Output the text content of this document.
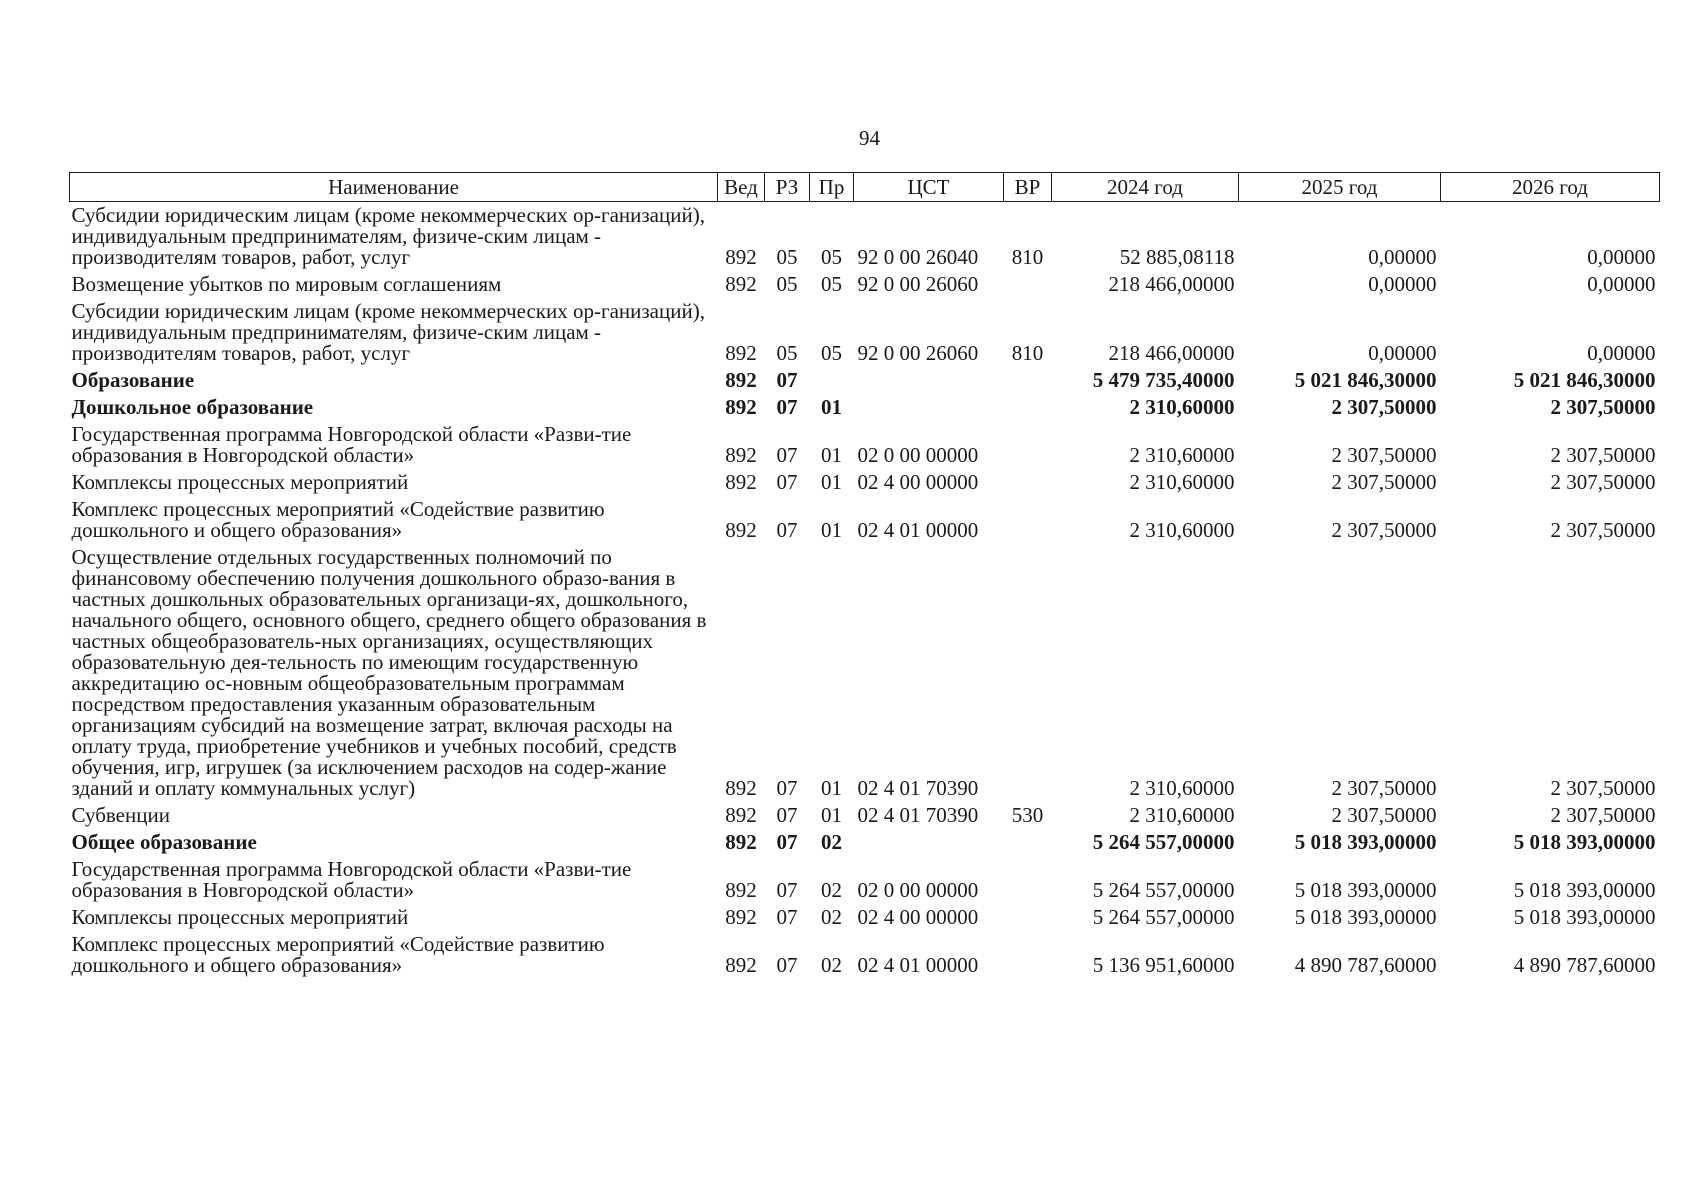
94
Наименование	Вед	РЗ	Пр	ЦСТ	ВР	2024 год	2025 год	2026 год
Субсидии юридическим лицам (кроме некоммерческих ор-ганизаций), индивидуальным предпринимателям, физиче-ским лицам - производителям товаров, работ, услуг	892	05	05	92 0 00 26040	810	52 885,08118	0,00000	0,00000
Возмещение убытков по мировым соглашениям	892	05	05	92 0 00 26060		218 466,00000	0,00000	0,00000
Субсидии юридическим лицам (кроме некоммерческих ор-ганизаций), индивидуальным предпринимателям, физиче-ским лицам - производителям товаров, работ, услуг	892	05	05	92 0 00 26060	810	218 466,00000	0,00000	0,00000
Образование	892	07				5 479 735,40000	5 021 846,30000	5 021 846,30000
Дошкольное образование	892	07	01			2 310,60000	2 307,50000	2 307,50000
Государственная программа Новгородской области «Разви-тие образования в Новгородской области»	892	07	01	02 0 00 00000		2 310,60000	2 307,50000	2 307,50000
Комплексы процессных мероприятий	892	07	01	02 4 00 00000		2 310,60000	2 307,50000	2 307,50000
Комплекс процессных мероприятий «Содействие развитию дошкольного и общего образования»	892	07	01	02 4 01 00000		2 310,60000	2 307,50000	2 307,50000
Осуществление отдельных государственных полномочий по финансовому обеспечению получения дошкольного образо-вания в частных дошкольных образовательных организаци-ях, дошкольного, начального общего, основного общего, среднего общего образования в частных общеобразователь-ных организациях, осуществляющих образовательную дея-тельность по имеющим государственную аккредитацию ос-новным общеобразовательным программам посредством предоставления указанным образовательным организациям субсидий на возмещение затрат, включая расходы на оплату труда, приобретение учебников и учебных пособий, средств обучения, игр, игрушек (за исключением расходов на содер-жание зданий и оплату коммунальных услуг)	892	07	01	02 4 01 70390		2 310,60000	2 307,50000	2 307,50000
Субвенции	892	07	01	02 4 01 70390	530	2 310,60000	2 307,50000	2 307,50000
Общее образование	892	07	02			5 264 557,00000	5 018 393,00000	5 018 393,00000
Государственная программа Новгородской области «Разви-тие образования в Новгородской области»	892	07	02	02 0 00 00000		5 264 557,00000	5 018 393,00000	5 018 393,00000
Комплексы процессных мероприятий	892	07	02	02 4 00 00000		5 264 557,00000	5 018 393,00000	5 018 393,00000
Комплекс процессных мероприятий «Содействие развитию дошкольного и общего образования»	892	07	02	02 4 01 00000		5 136 951,60000	4 890 787,60000	4 890 787,60000
